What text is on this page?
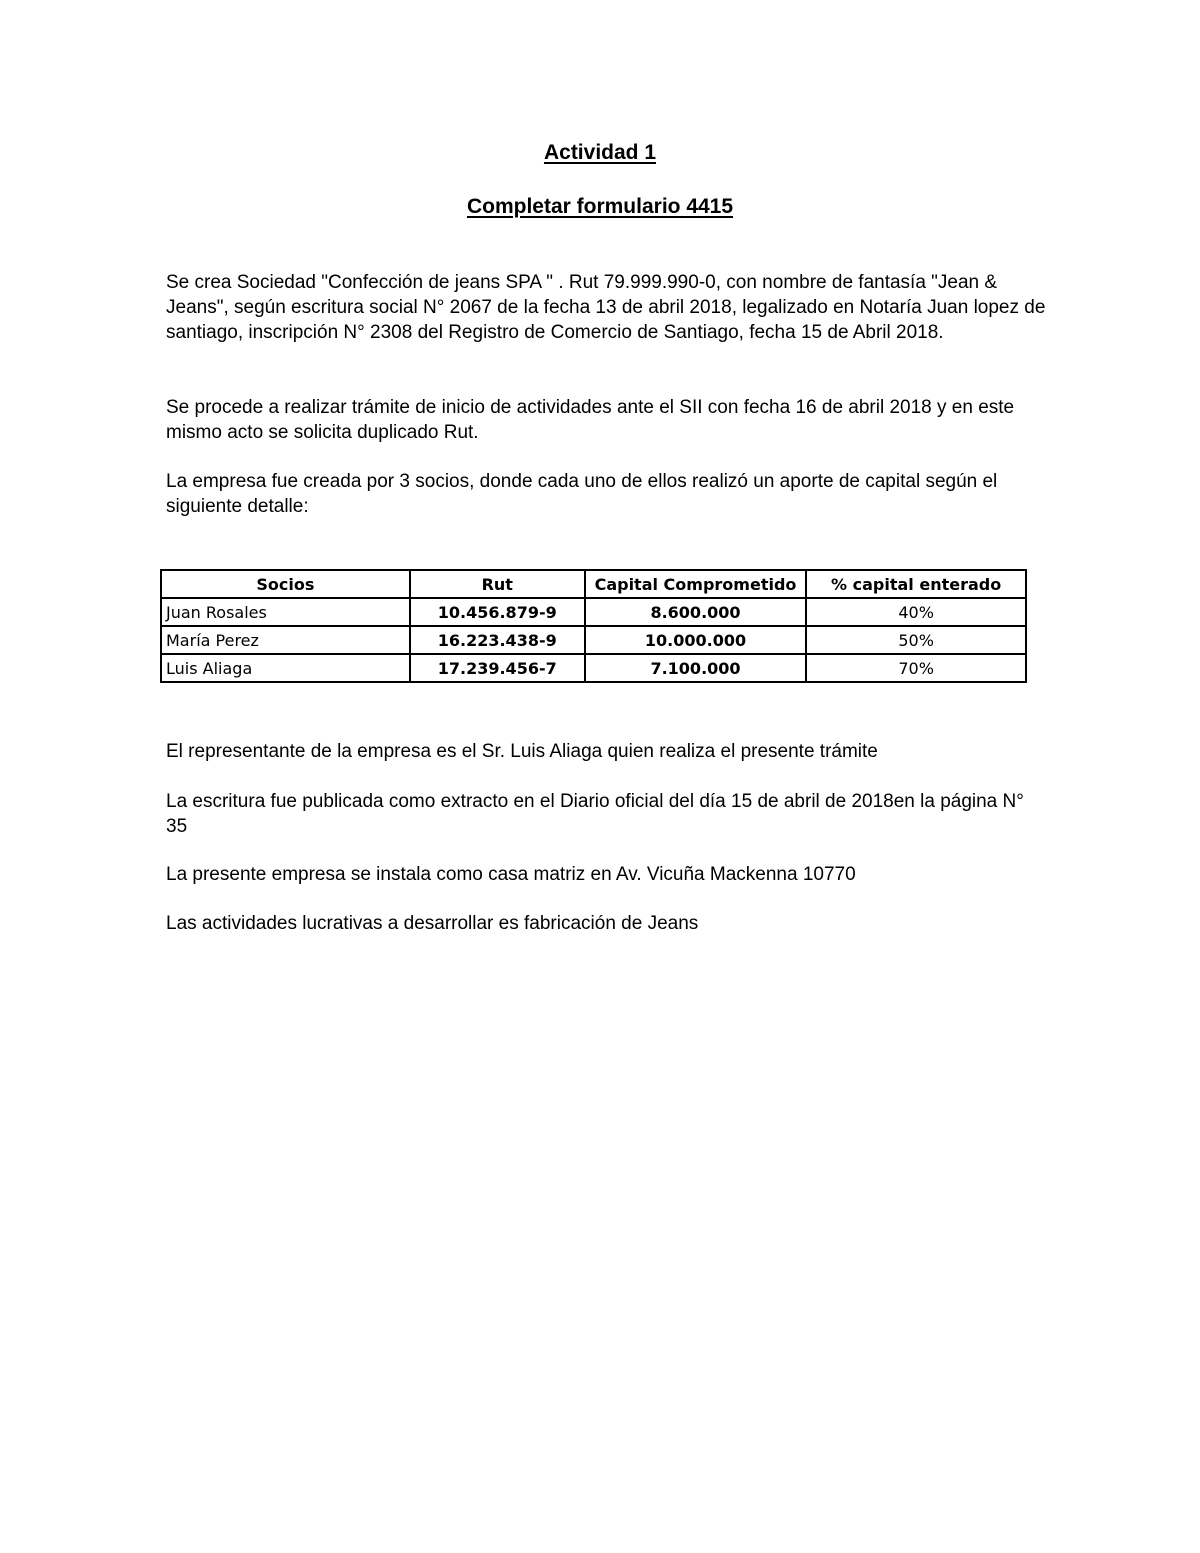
Actividad 1
Completar formulario 4415

Se crea Sociedad "Confección de jeans SPA " . Rut 79.999.990-0, con nombre de fantasía "Jean & Jeans", según escritura social N° 2067 de la fecha 13 de abril 2018, legalizado en Notaría Juan lopez de santiago, inscripción N° 2308 del Registro de Comercio de Santiago, fecha 15 de Abril 2018.

Se procede a realizar trámite de inicio de actividades ante el SII con fecha 16 de abril 2018 y en este mismo acto se solicita duplicado Rut.

La empresa fue creada por 3 socios, donde cada uno de ellos realizó un aporte de capital según el siguiente detalle:

Socios	Rut	Capital Comprometido	% capital enterado
Juan Rosales	10.456.879-9	8.600.000	40%
María Perez	16.223.438-9	10.000.000	50%
Luis Aliaga	17.239.456-7	7.100.000	70%

El representante de la empresa es el Sr. Luis Aliaga quien realiza el presente trámite

La escritura fue publicada como extracto en el Diario oficial del día 15 de abril de 2018en la página N° 35

La presente empresa se instala como casa matriz en Av. Vicuña Mackenna 10770

Las actividades lucrativas a desarrollar es fabricación de Jeans
